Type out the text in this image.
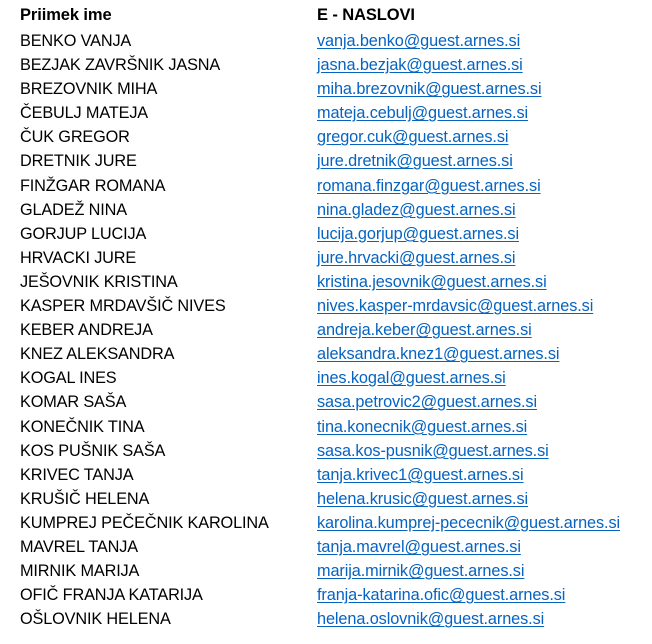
Priimek ime	E - NASLOVI
BENKO VANJA	vanja.benko@guest.arnes.si
BEZJAK ZAVRŠNIK JASNA	jasna.bezjak@guest.arnes.si
BREZOVNIK MIHA	miha.brezovnik@guest.arnes.si
ČEBULJ MATEJA	mateja.cebulj@guest.arnes.si
ČUK GREGOR	gregor.cuk@guest.arnes.si
DRETNIK JURE	jure.dretnik@guest.arnes.si
FINŽGAR ROMANA	romana.finzgar@guest.arnes.si
GLADEŽ NINA	nina.gladez@guest.arnes.si
GORJUP LUCIJA	lucija.gorjup@guest.arnes.si
HRVACKI JURE	jure.hrvacki@guest.arnes.si
JEŠOVNIK KRISTINA	kristina.jesovnik@guest.arnes.si
KASPER MRDAVŠIČ NIVES	nives.kasper-mrdavsic@guest.arnes.si
KEBER ANDREJA	andreja.keber@guest.arnes.si
KNEZ ALEKSANDRA	aleksandra.knez1@guest.arnes.si
KOGAL INES	ines.kogal@guest.arnes.si
KOMAR SAŠA	sasa.petrovic2@guest.arnes.si
KONEČNIK TINA	tina.konecnik@guest.arnes.si
KOS PUŠNIK SAŠA	sasa.kos-pusnik@guest.arnes.si
KRIVEC TANJA	tanja.krivec1@guest.arnes.si
KRUŠIČ HELENA	helena.krusic@guest.arnes.si
KUMPREJ PEČEČNIK KAROLINA	karolina.kumprej-pececnik@guest.arnes.si
MAVREL TANJA	tanja.mavrel@guest.arnes.si
MIRNIK MARIJA	marija.mirnik@guest.arnes.si
OFIČ FRANJA KATARIJA	franja-katarina.ofic@guest.arnes.si
OŠLOVNIK HELENA	helena.oslovnik@guest.arnes.si
